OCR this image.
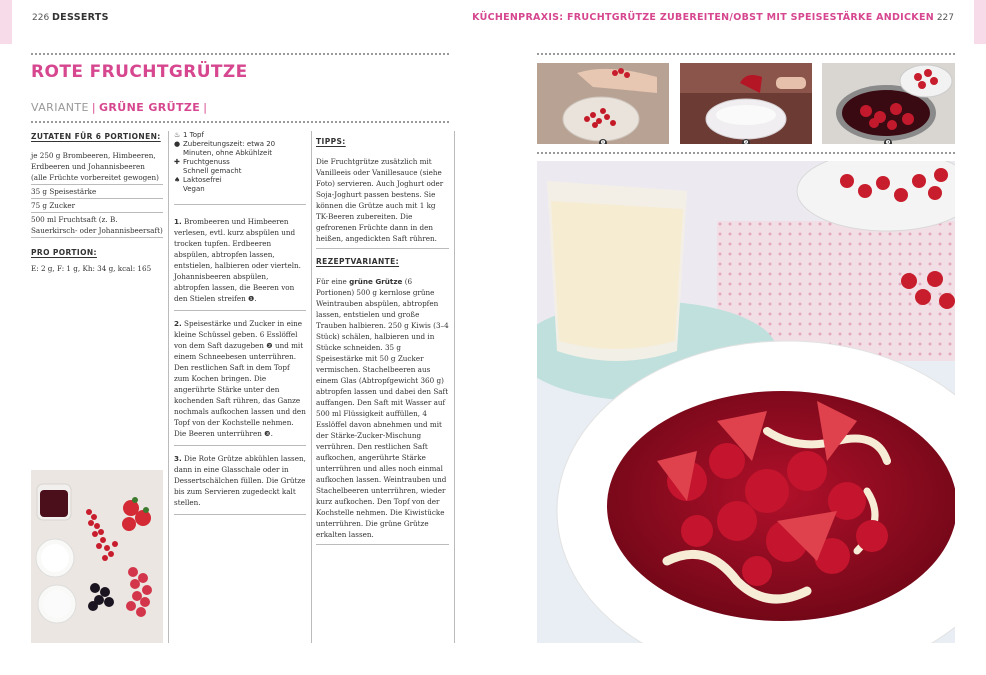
226 DESSERTS
ROTE FRUCHTGRÜTZE
VARIANTE | GRÜNE GRÜTZE |
ZUTATEN FÜR 6 PORTIONEN:
je 250 g Brombeeren, Himbeeren, Erdbeeren und Johannisbeeren (alle Früchte vorbereitet gewogen)
35 g Speisestärke
75 g Zucker
500 ml Fruchtsaft (z. B. Sauerkirsch- oder Johannisbeersaft)
PRO PORTION:
E: 2 g, F: 1 g, Kh: 34 g, kcal: 165
♨ 1 Topf
● Zubereitungszeit: etwa 20 Minuten, ohne Abkühlzeit
✚ Fruchtgenuss
Schnell gemacht
♠ Laktosefrei
Vegan
1. Brombeeren und Himbeeren verlesen, evtl. kurz abspülen und trocken tupfen. Erdbeeren abspülen, abtropfen lassen, entstielen, halbieren oder vierteln. Johannisbeeren abspülen, abtropfen lassen, die Beeren von den Stielen streifen ❶.
2. Speisestärke und Zucker in eine kleine Schüssel geben. 6 Esslöffel von dem Saft dazugeben ❷ und mit einem Schneebesen unterrühren. Den restlichen Saft in dem Topf zum Kochen bringen. Die angerührte Stärke unter den kochenden Saft rühren, das Ganze nochmals aufkochen lassen und den Topf von der Kochstelle nehmen. Die Beeren unterrühren ❸.
3. Die Rote Grütze abkühlen lassen, dann in eine Glasschale oder in Dessertschälchen füllen. Die Grütze bis zum Servieren zugedeckt kalt stellen.
TIPPS:
Die Fruchtgrütze zusätzlich mit Vanilleeis oder Vanillesauce (siehe Foto) servieren. Auch Joghurt oder Soja-Joghurt passen bestens. Sie können die Grütze auch mit 1 kg TK-Beeren zubereiten. Die gefrorenen Früchte dann in den heißen, angedickten Saft rühren.
REZEPTVARIANTE:
Für eine grüne Grütze (6 Portionen) 500 g kernlose grüne Weintrauben abspülen, abtropfen lassen, entstielen und große Trauben halbieren. 250 g Kiwis (3–4 Stück) schälen, halbieren und in Stücke schneiden. 35 g Speisestärke mit 50 g Zucker vermischen. Stachelbeeren aus einem Glas (Abtropfgewicht 360 g) abtropfen lassen und dabei den Saft auffangen. Den Saft mit Wasser auf 500 ml Flüssigkeit auffüllen, 4 Esslöffel davon abnehmen und mit der Stärke-Zucker-Mischung verrühren. Den restlichen Saft aufkochen, angerührte Stärke unterrühren und alles noch einmal aufkochen lassen. Weintrauben und Stachelbeeren unterrühren, wieder kurz aufkochen. Den Topf von der Kochstelle nehmen. Die Kiwistücke unterrühren. Die grüne Grütze erkalten lassen.
KÜCHENPRAXIS: FRUCHTGRÜTZE ZUBEREITEN/OBST MIT SPEISESTÄRKE ANDICKEN 227
❶	❷	❸
